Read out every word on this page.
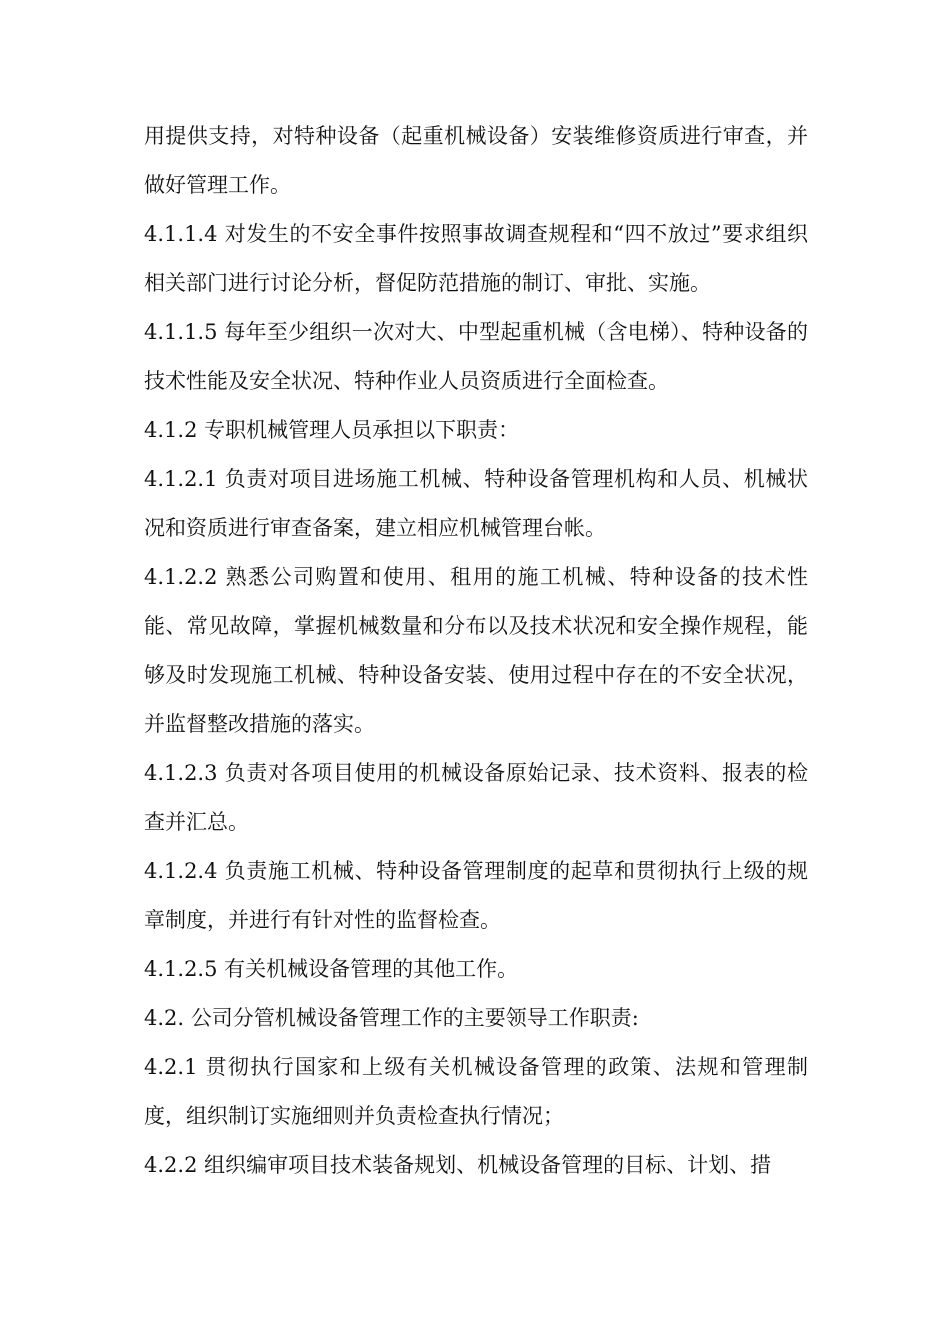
用提供支持，对特种设备（起重机械设备）安装维修资质进行审查，并做好管理工作。

4.1.1.4 对发生的不安全事件按照事故调查规程和“四不放过”要求组织相关部门进行讨论分析，督促防范措施的制订、审批、实施。

4.1.1.5 每年至少组织一次对大、中型起重机械（含电梯）、特种设备的技术性能及安全状况、特种作业人员资质进行全面检查。

4.1.2 专职机械管理人员承担以下职责：

4.1.2.1 负责对项目进场施工机械、特种设备管理机构和人员、机械状况和资质进行审查备案，建立相应机械管理台帐。

4.1.2.2 熟悉公司购置和使用、租用的施工机械、特种设备的技术性能、常见故障，掌握机械数量和分布以及技术状况和安全操作规程，能够及时发现施工机械、特种设备安装、使用过程中存在的不安全状况，并监督整改措施的落实。

4.1.2.3 负责对各项目使用的机械设备原始记录、技术资料、报表的检查并汇总。

4.1.2.4 负责施工机械、特种设备管理制度的起草和贯彻执行上级的规章制度，并进行有针对性的监督检查。

4.1.2.5 有关机械设备管理的其他工作。

4.2. 公司分管机械设备管理工作的主要领导工作职责:

4.2.1 贯彻执行国家和上级有关机械设备管理的政策、法规和管理制度，组织制订实施细则并负责检查执行情况；

4.2.2 组织编审项目技术装备规划、机械设备管理的目标、计划、措
